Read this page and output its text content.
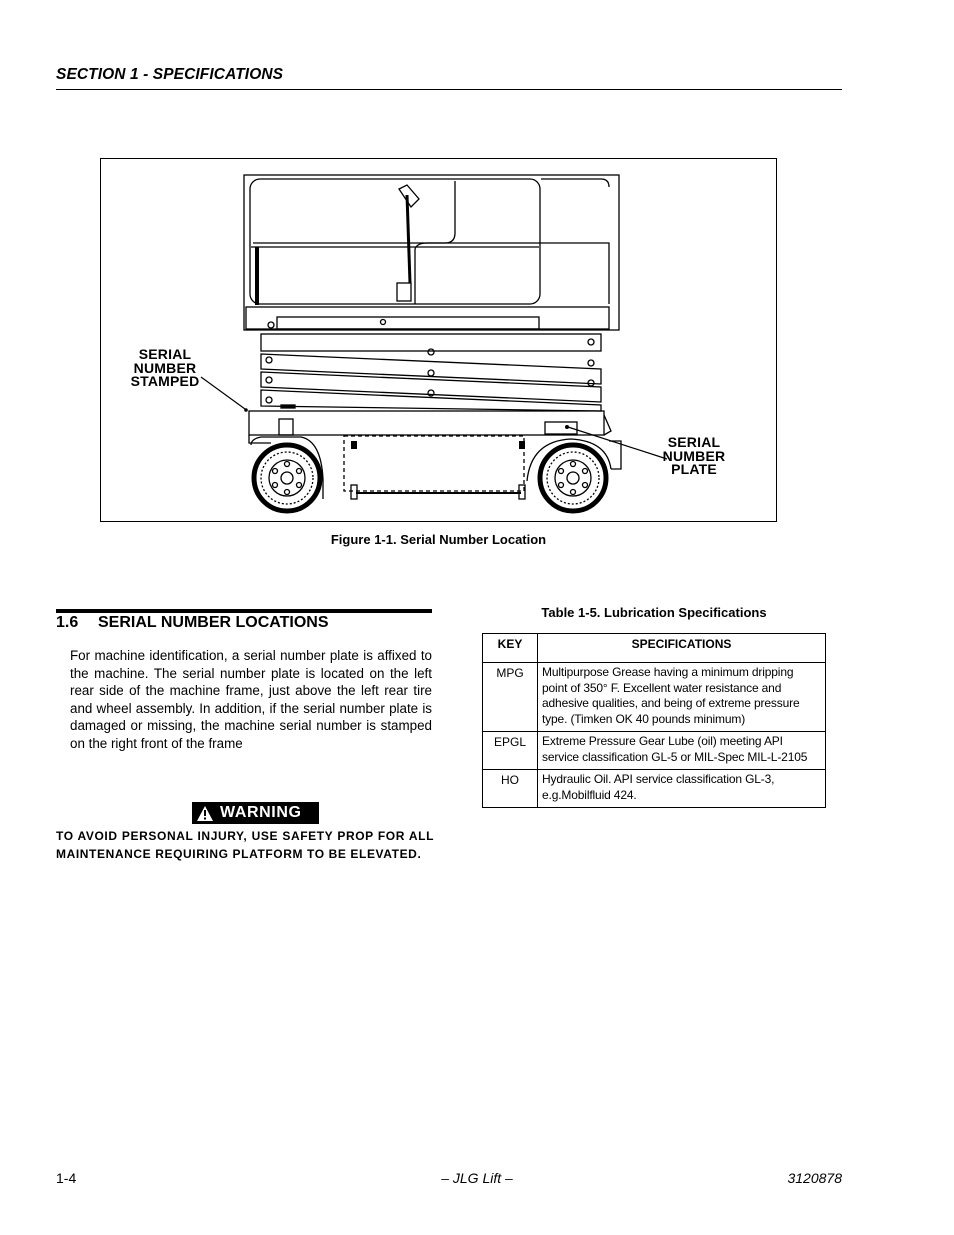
SECTION 1 - SPECIFICATIONS
SERIAL
NUMBER
STAMPED
SERIAL
NUMBER
PLATE
Figure 1-1. Serial Number Location
1.6 SERIAL NUMBER LOCATIONS
For machine identification, a serial number plate is affixed to the machine. The serial number plate is located on the left rear side of the machine frame, just above the left rear tire and wheel assembly. In addition, if the serial number plate is damaged or missing, the machine serial number is stamped on the right front of the frame
WARNING
TO AVOID PERSONAL INJURY, USE SAFETY PROP FOR ALL MAINTENANCE REQUIRING PLATFORM TO BE ELEVATED.
Table 1-5. Lubrication Specifications
KEY	SPECIFICATIONS
MPG	Multipurpose Grease having a minimum dripping point of 350° F. Excellent water resistance and adhesive qualities, and being of extreme pressure type. (Timken OK 40 pounds minimum)
EPGL	Extreme Pressure Gear Lube (oil) meeting API service classification GL-5 or MIL-Spec MIL-L-2105
HO	Hydraulic Oil. API service classification GL-3, e.g.Mobilfluid 424.
1-4	– JLG Lift –	3120878
